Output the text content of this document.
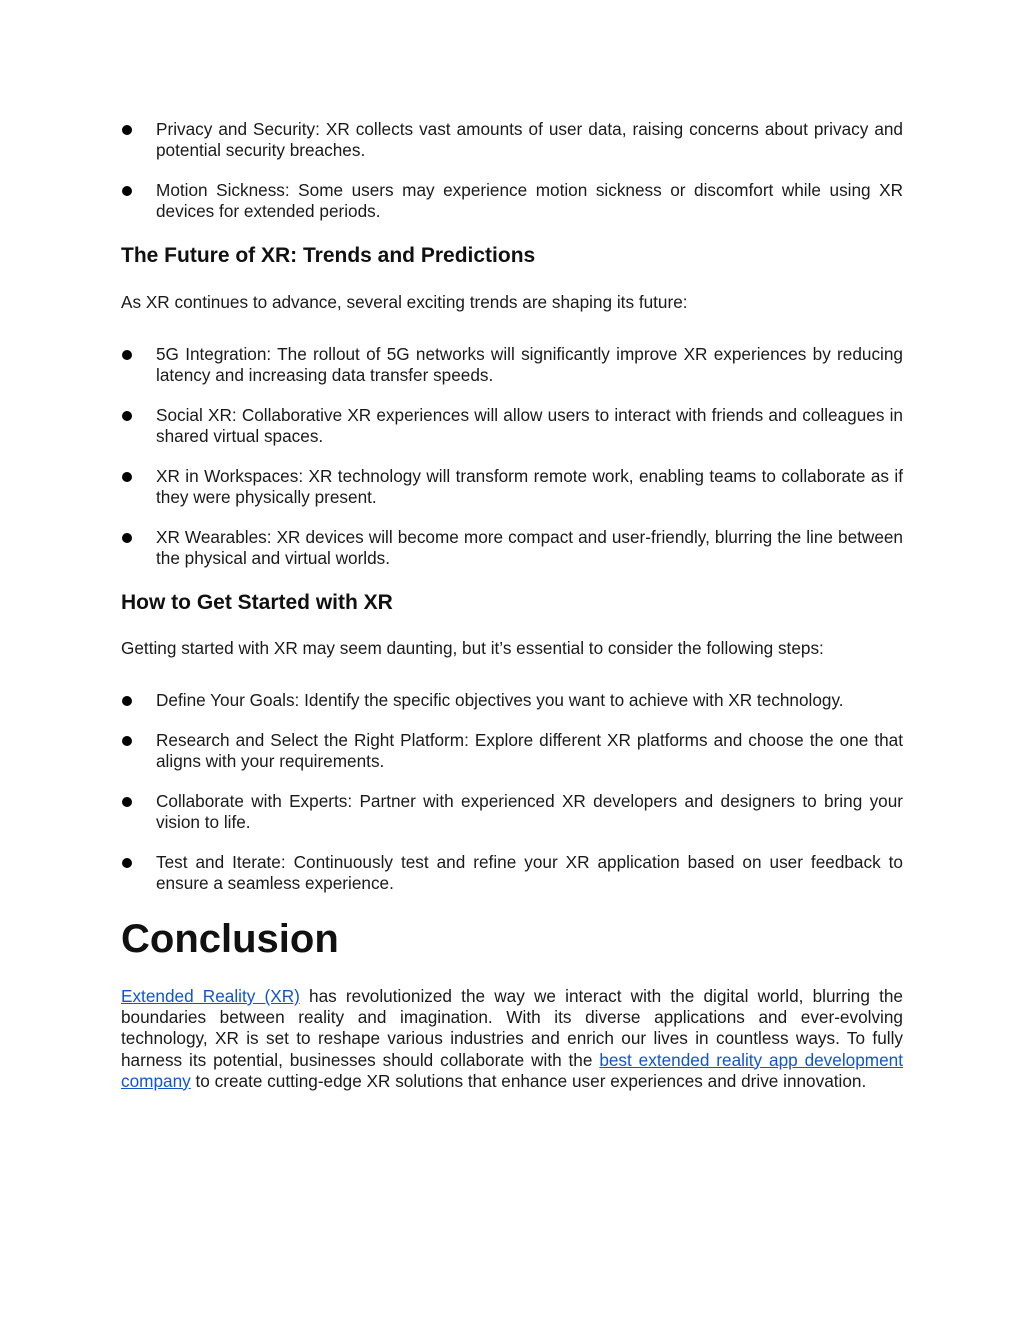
Privacy and Security: XR collects vast amounts of user data, raising concerns about privacy and potential security breaches.
Motion Sickness: Some users may experience motion sickness or discomfort while using XR devices for extended periods.
The Future of XR: Trends and Predictions

As XR continues to advance, several exciting trends are shaping its future:

5G Integration: The rollout of 5G networks will significantly improve XR experiences by reducing latency and increasing data transfer speeds.
Social XR: Collaborative XR experiences will allow users to interact with friends and colleagues in shared virtual spaces.
XR in Workspaces: XR technology will transform remote work, enabling teams to collaborate as if they were physically present.
XR Wearables: XR devices will become more compact and user-friendly, blurring the line between the physical and virtual worlds.
How to Get Started with XR

Getting started with XR may seem daunting, but it’s essential to consider the following steps:

Define Your Goals: Identify the specific objectives you want to achieve with XR technology.
Research and Select the Right Platform: Explore different XR platforms and choose the one that aligns with your requirements.
Collaborate with Experts: Partner with experienced XR developers and designers to bring your vision to life.
Test and Iterate: Continuously test and refine your XR application based on user feedback to ensure a seamless experience.
Conclusion

Extended Reality (XR) has revolutionized the way we interact with the digital world, blurring the boundaries between reality and imagination. With its diverse applications and ever-evolving technology, XR is set to reshape various industries and enrich our lives in countless ways. To fully harness its potential, businesses should collaborate with the best extended reality app development company to create cutting-edge XR solutions that enhance user experiences and drive innovation.
